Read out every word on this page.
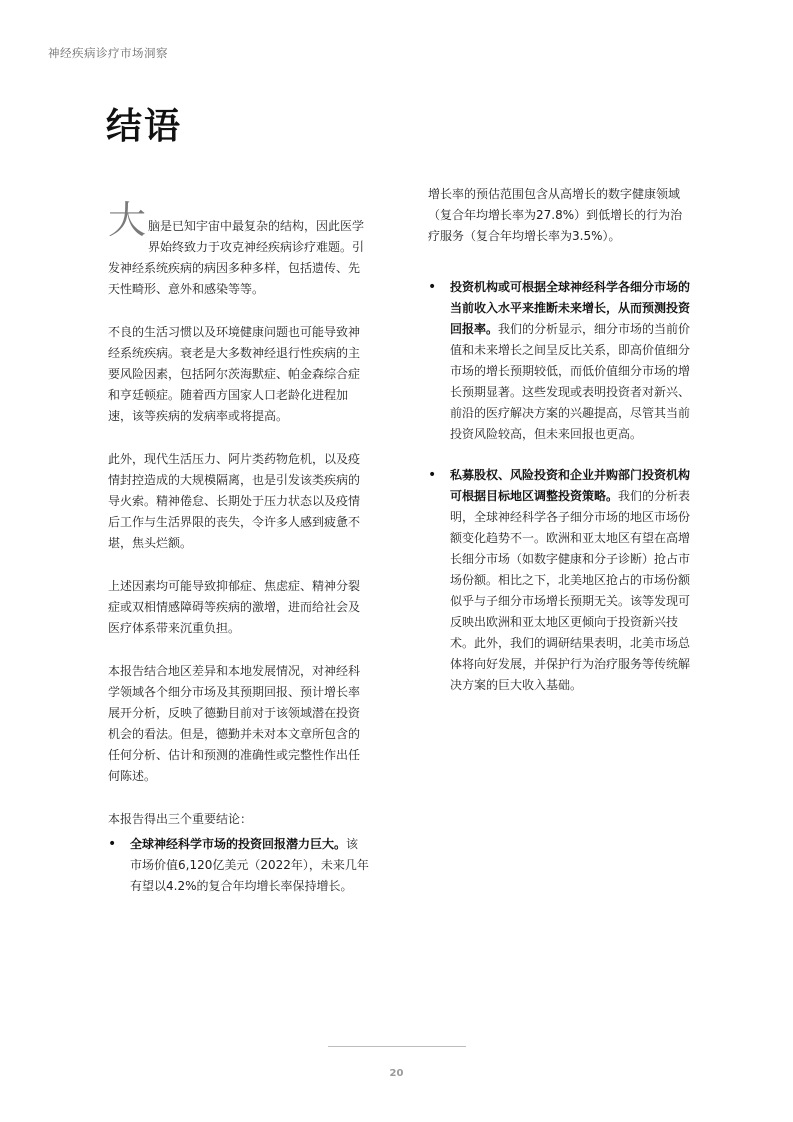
神经疾病诊疗市场洞察
结语

大脑是已知宇宙中最复杂的结构，因此医学界始终致力于攻克神经疾病诊疗难题。引发神经系统疾病的病因多种多样，包括遗传、先天性畸形、意外和感染等等。

不良的生活习惯以及环境健康问题也可能导致神经系统疾病。衰老是大多数神经退行性疾病的主要风险因素，包括阿尔茨海默症、帕金森综合症和亨廷顿症。随着西方国家人口老龄化进程加速，该等疾病的发病率或将提高。

此外，现代生活压力、阿片类药物危机，以及疫情封控造成的大规模隔离，也是引发该类疾病的导火索。精神倦怠、长期处于压力状态以及疫情后工作与生活界限的丧失，令许多人感到疲惫不堪，焦头烂额。

上述因素均可能导致抑郁症、焦虑症、精神分裂症或双相情感障碍等疾病的激增，进而给社会及医疗体系带来沉重负担。

本报告结合地区差异和本地发展情况，对神经科学领域各个细分市场及其预期回报、预计增长率展开分析，反映了德勤目前对于该领域潜在投资机会的看法。但是，德勤并未对本文章所包含的任何分析、估计和预测的准确性或完整性作出任何陈述。

本报告得出三个重要结论：

• 全球神经科学市场的投资回报潜力巨大。该市场价值6,120亿美元（2022年），未来几年有望以4.2%的复合年均增长率保持增长。

增长率的预估范围包含从高增长的数字健康领域（复合年均增长率为27.8%）到低增长的行为治疗服务（复合年均增长率为3.5%）。

• 投资机构或可根据全球神经科学各细分市场的当前收入水平来推断未来增长，从而预测投资回报率。我们的分析显示，细分市场的当前价值和未来增长之间呈反比关系，即高价值细分市场的增长预期较低，而低价值细分市场的增长预期显著。这些发现或表明投资者对新兴、前沿的医疗解决方案的兴趣提高，尽管其当前投资风险较高，但未来回报也更高。
• 私募股权、风险投资和企业并购部门投资机构可根据目标地区调整投资策略。我们的分析表明，全球神经科学各子细分市场的地区市场份额变化趋势不一。欧洲和亚太地区有望在高增长细分市场（如数字健康和分子诊断）抢占市场份额。相比之下，北美地区抢占的市场份额似乎与子细分市场增长预期无关。该等发现可反映出欧洲和亚太地区更倾向于投资新兴技术。此外，我们的调研结果表明，北美市场总体将向好发展，并保护行为治疗服务等传统解决方案的巨大收入基础。
20
